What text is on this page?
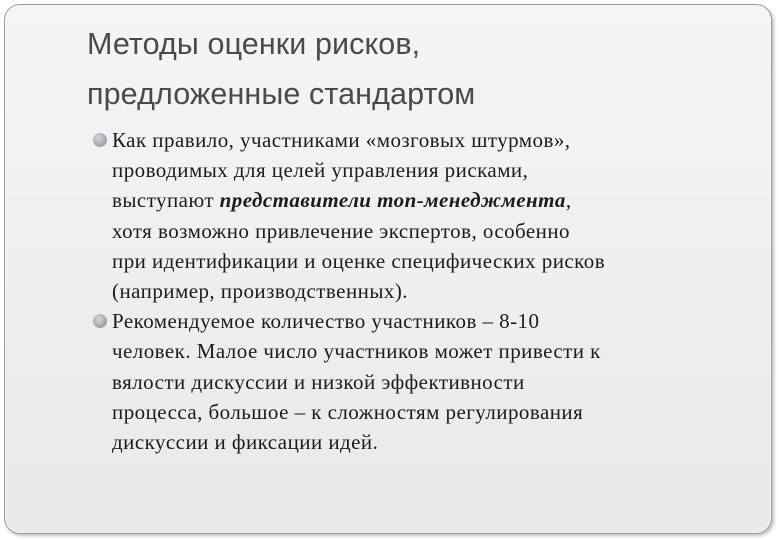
Методы оценки рисков,
предложенные стандартом
Как правило, участниками «мозговых штурмов»,
проводимых для целей управления рисками,
выступают представители топ-менеджмента,
хотя возможно привлечение экспертов, особенно
при идентификации и оценке специфических рисков
(например, производственных).
Рекомендуемое количество участников – 8-10
человек. Малое число участников может привести к
вялости дискуссии и низкой эффективности
процесса, большое – к сложностям регулирования
дискуссии и фиксации идей.
